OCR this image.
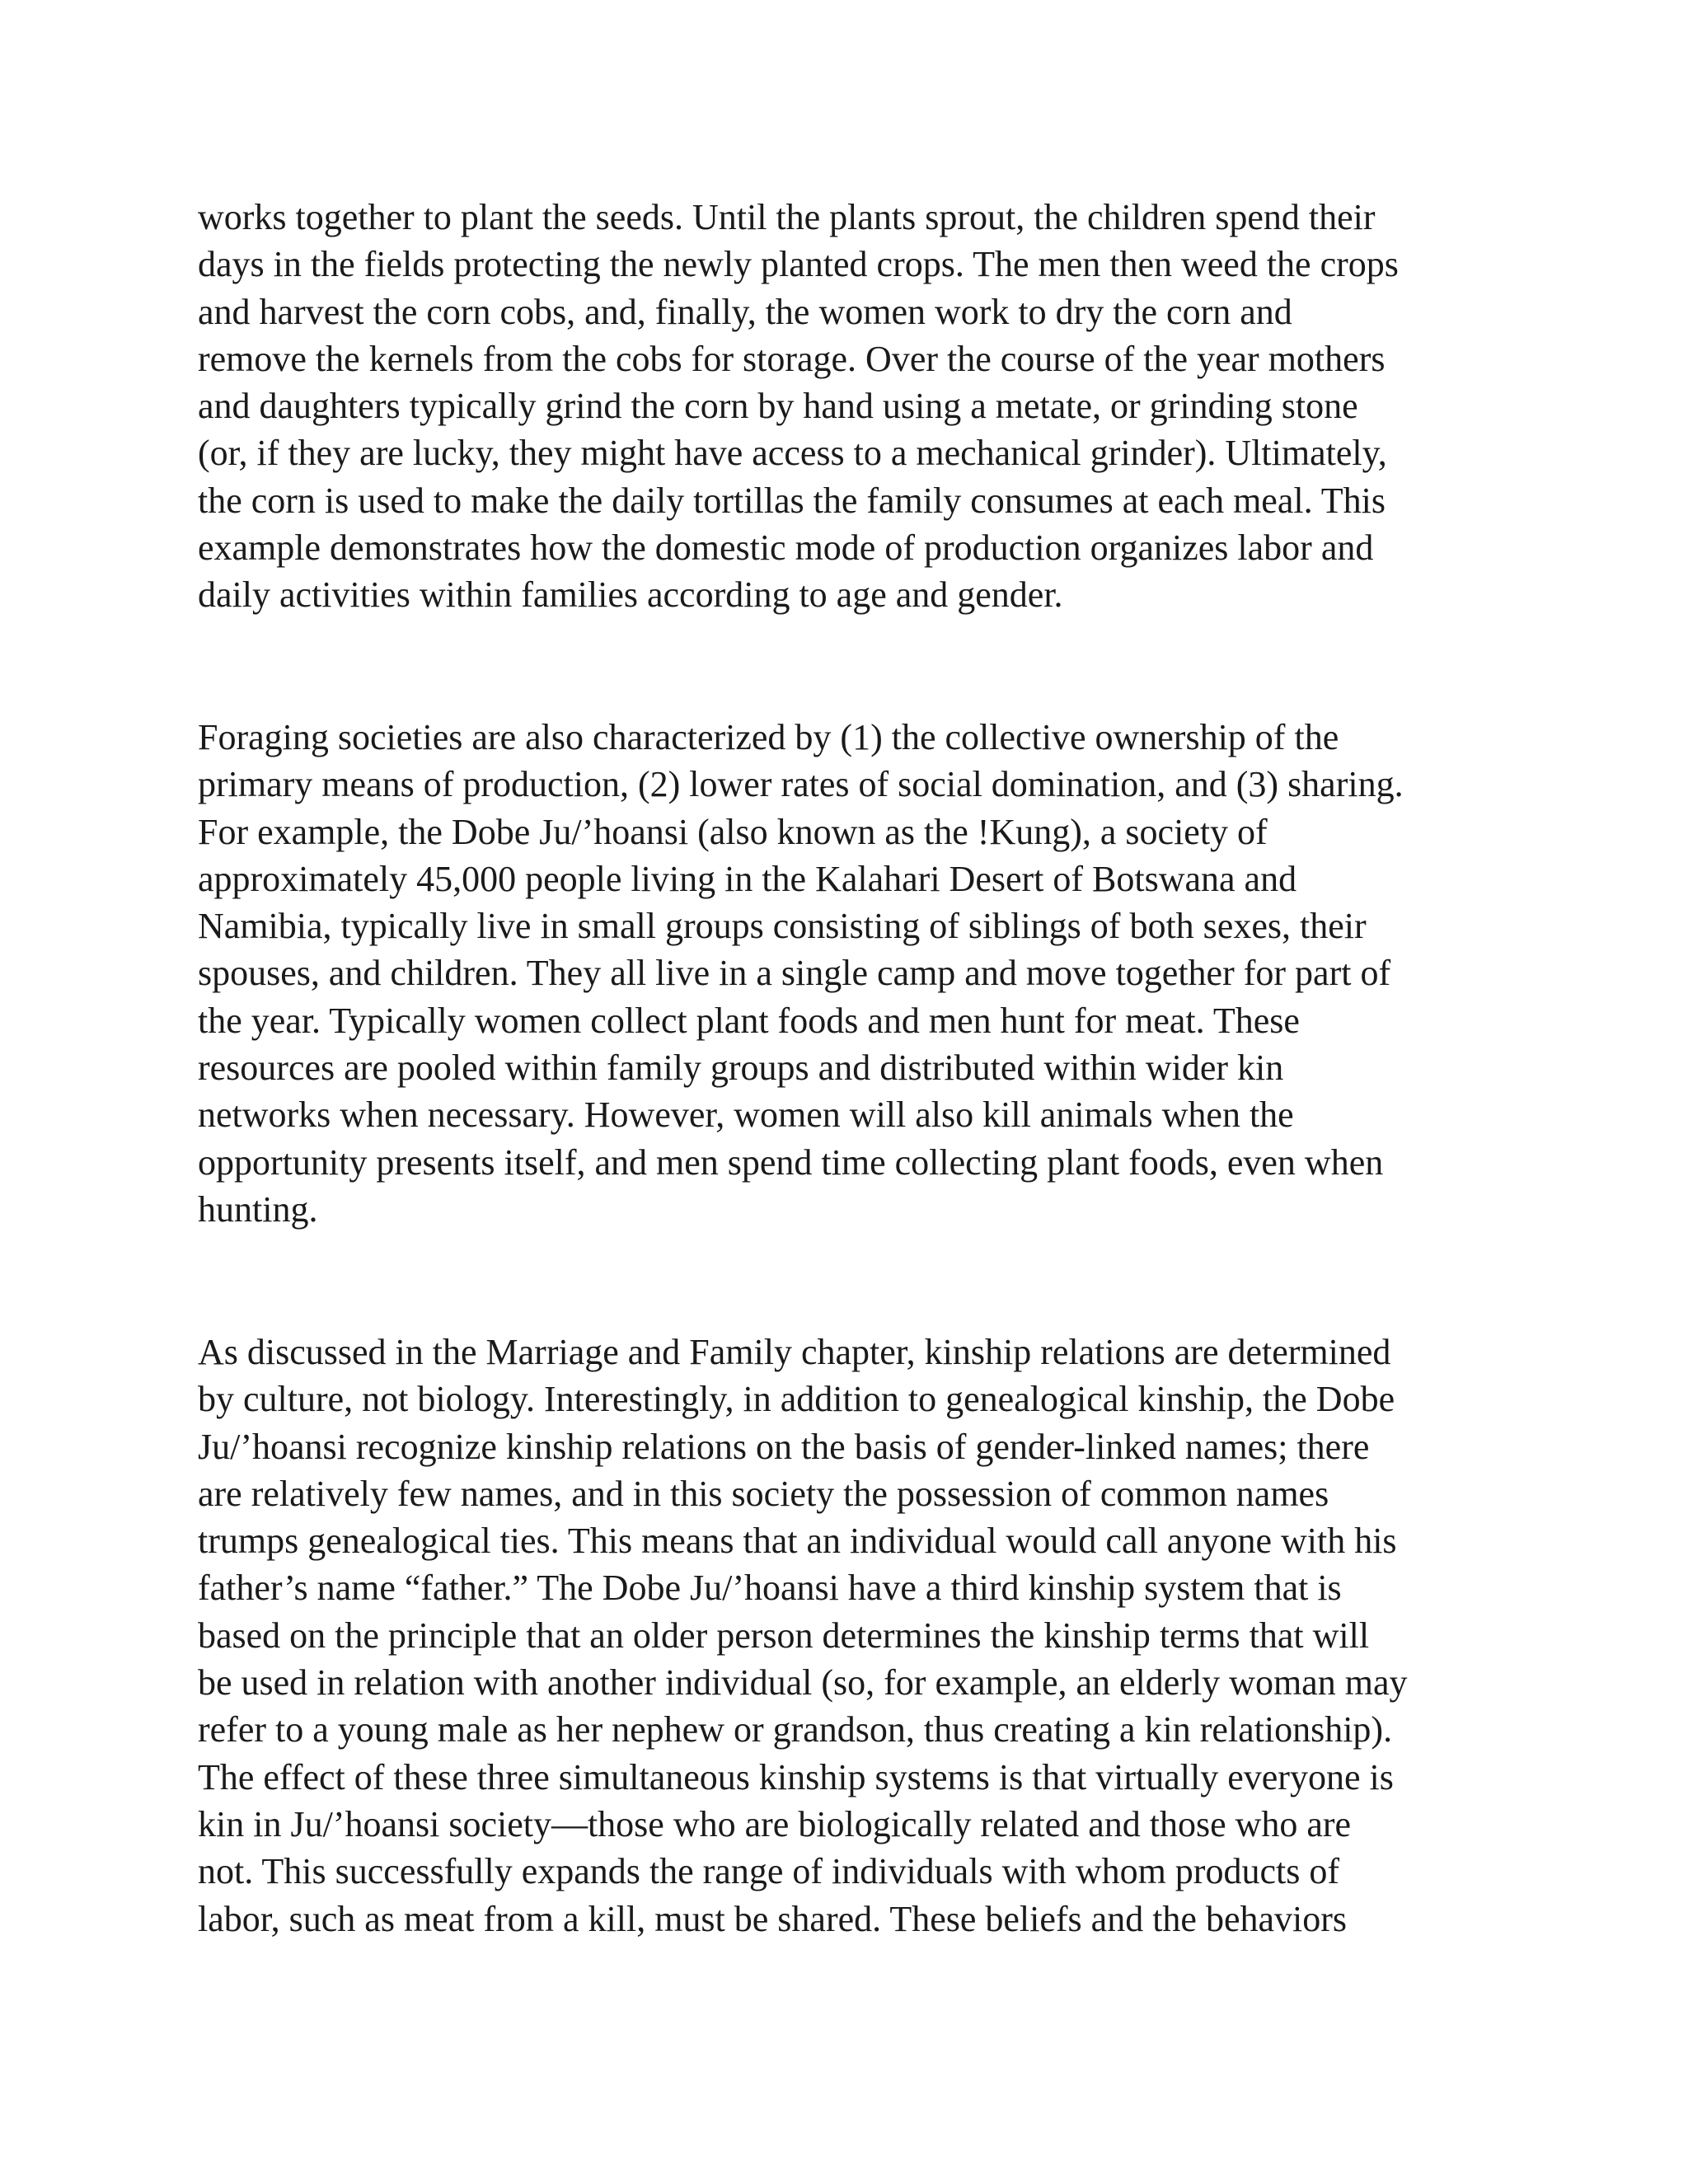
works together to plant the seeds. Until the plants sprout, the children spend their
days in the fields protecting the newly planted crops. The men then weed the crops
and harvest the corn cobs, and, finally, the women work to dry the corn and
remove the kernels from the cobs for storage. Over the course of the year mothers
and daughters typically grind the corn by hand using a metate, or grinding stone
(or, if they are lucky, they might have access to a mechanical grinder). Ultimately,
the corn is used to make the daily tortillas the family consumes at each meal. This
example demonstrates how the domestic mode of production organizes labor and
daily activities within families according to age and gender.

Foraging societies are also characterized by (1) the collective ownership of the
primary means of production, (2) lower rates of social domination, and (3) sharing.
For example, the Dobe Ju/’hoansi (also known as the !Kung), a society of
approximately 45,000 people living in the Kalahari Desert of Botswana and
Namibia, typically live in small groups consisting of siblings of both sexes, their
spouses, and children. They all live in a single camp and move together for part of
the year. Typically women collect plant foods and men hunt for meat. These
resources are pooled within family groups and distributed within wider kin
networks when necessary. However, women will also kill animals when the
opportunity presents itself, and men spend time collecting plant foods, even when
hunting.

As discussed in the Marriage and Family chapter, kinship relations are determined
by culture, not biology. Interestingly, in addition to genealogical kinship, the Dobe
Ju/’hoansi recognize kinship relations on the basis of gender-linked names; there
are relatively few names, and in this society the possession of common names
trumps genealogical ties. This means that an individual would call anyone with his
father’s name “father.” The Dobe Ju/’hoansi have a third kinship system that is
based on the principle that an older person determines the kinship terms that will
be used in relation with another individual (so, for example, an elderly woman may
refer to a young male as her nephew or grandson, thus creating a kin relationship).
The effect of these three simultaneous kinship systems is that virtually everyone is
kin in Ju/’hoansi society—those who are biologically related and those who are
not. This successfully expands the range of individuals with whom products of
labor, such as meat from a kill, must be shared. These beliefs and the behaviors
